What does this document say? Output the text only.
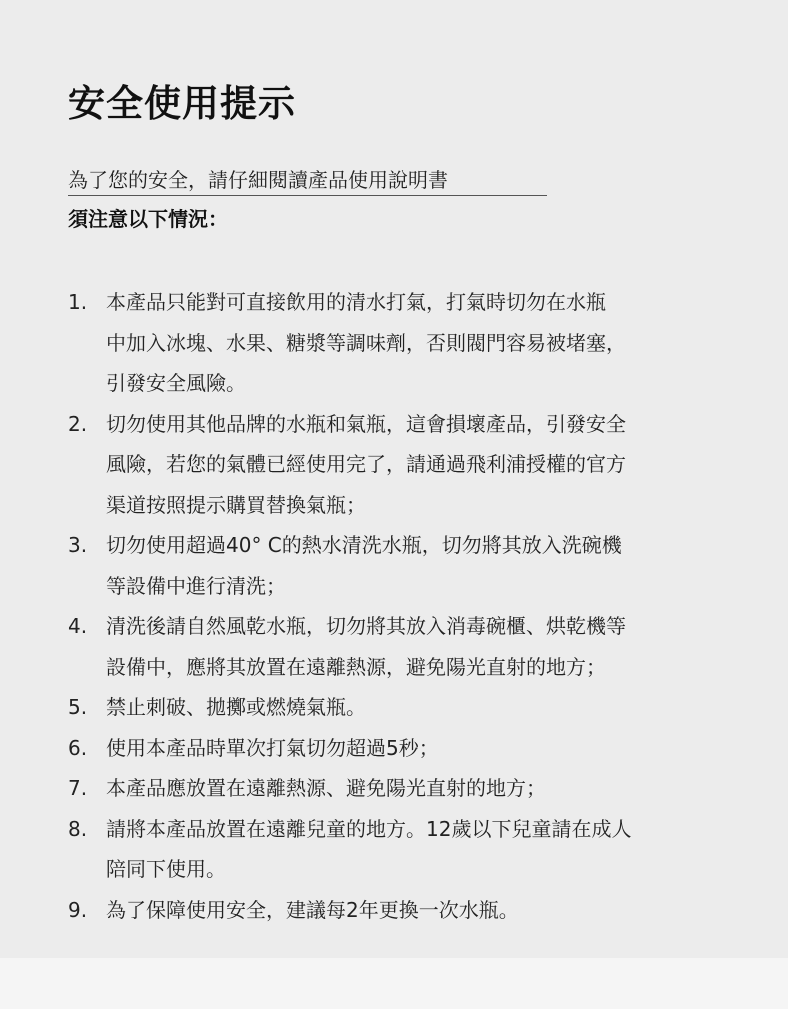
安全使用提示
為了您的安全，請仔細閱讀產品使用說明書
須注意以下情況：
1. 本產品只能對可直接飲用的清水打氣，打氣時切勿在水瓶
中加入冰塊、水果、糖漿等調味劑，否則閥門容易被堵塞，
引發安全風險。
2. 切勿使用其他品牌的水瓶和氣瓶，這會損壞產品，引發安全
風險，若您的氣體已經使用完了，請通過飛利浦授權的官方
渠道按照提示購買替換氣瓶；
3. 切勿使用超過40° C的熱水清洗水瓶，切勿將其放入洗碗機
等設備中進行清洗；
4. 清洗後請自然風乾水瓶，切勿將其放入消毒碗櫃、烘乾機等
設備中，應將其放置在遠離熱源，避免陽光直射的地方；
5. 禁止刺破、拋擲或燃燒氣瓶。
6. 使用本產品時單次打氣切勿超過5秒；
7. 本產品應放置在遠離熱源、避免陽光直射的地方；
8. 請將本產品放置在遠離兒童的地方。12歲以下兒童請在成人
陪同下使用。
9. 為了保障使用安全，建議每2年更換一次水瓶。
